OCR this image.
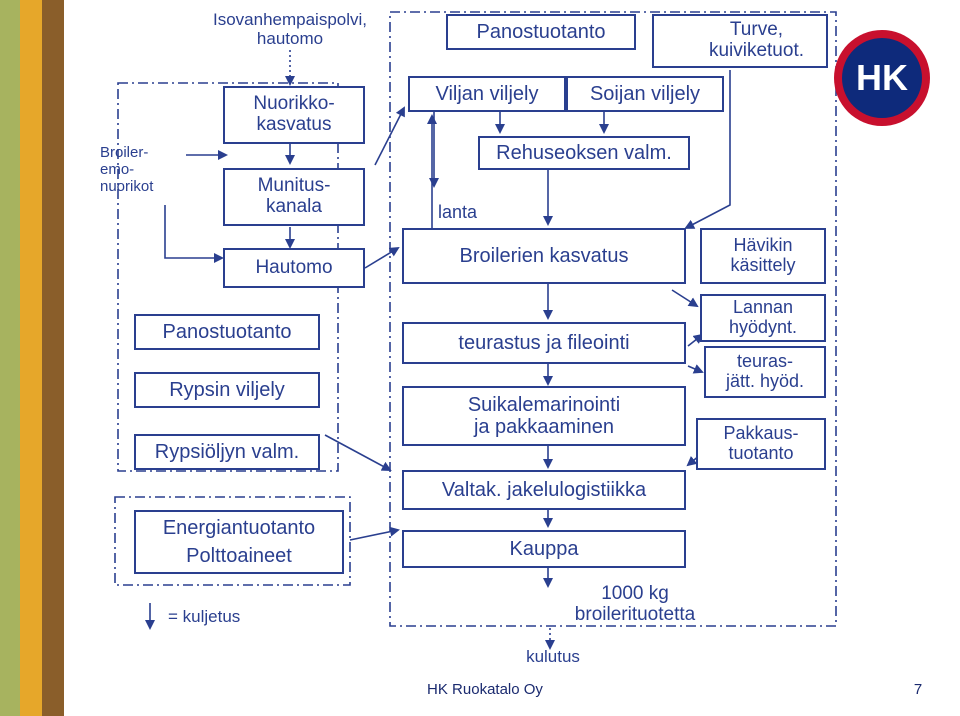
HK
Isovanhempaispolvi,
hautomo
Broiler-
emo-
nuorikot
lanta
= kuljetus
kulutus
1000 kg
broilerituotetta
HK Ruokatalo Oy	7
Nuorikko-
kasvatus
Munitus-
kanala
Hautomo
Panostuotanto	Turve,
kuiviketuot.
Viljan viljely	Soijan viljely
Rehuseoksen valm.
Broilerien kasvatus
teurastus ja fileointi
Suikalemarinointi
ja pakkaaminen
Valtak. jakelulogistiikka
Kauppa
Hävikin
käsittely
Lannan
hyödynt.
teuras-
jätt. hyöd.
Pakkaus-
tuotanto
Panostuotanto
Rypsin viljely
Rypsiöljyn valm.
Energiantuotanto
Polttoaineet
